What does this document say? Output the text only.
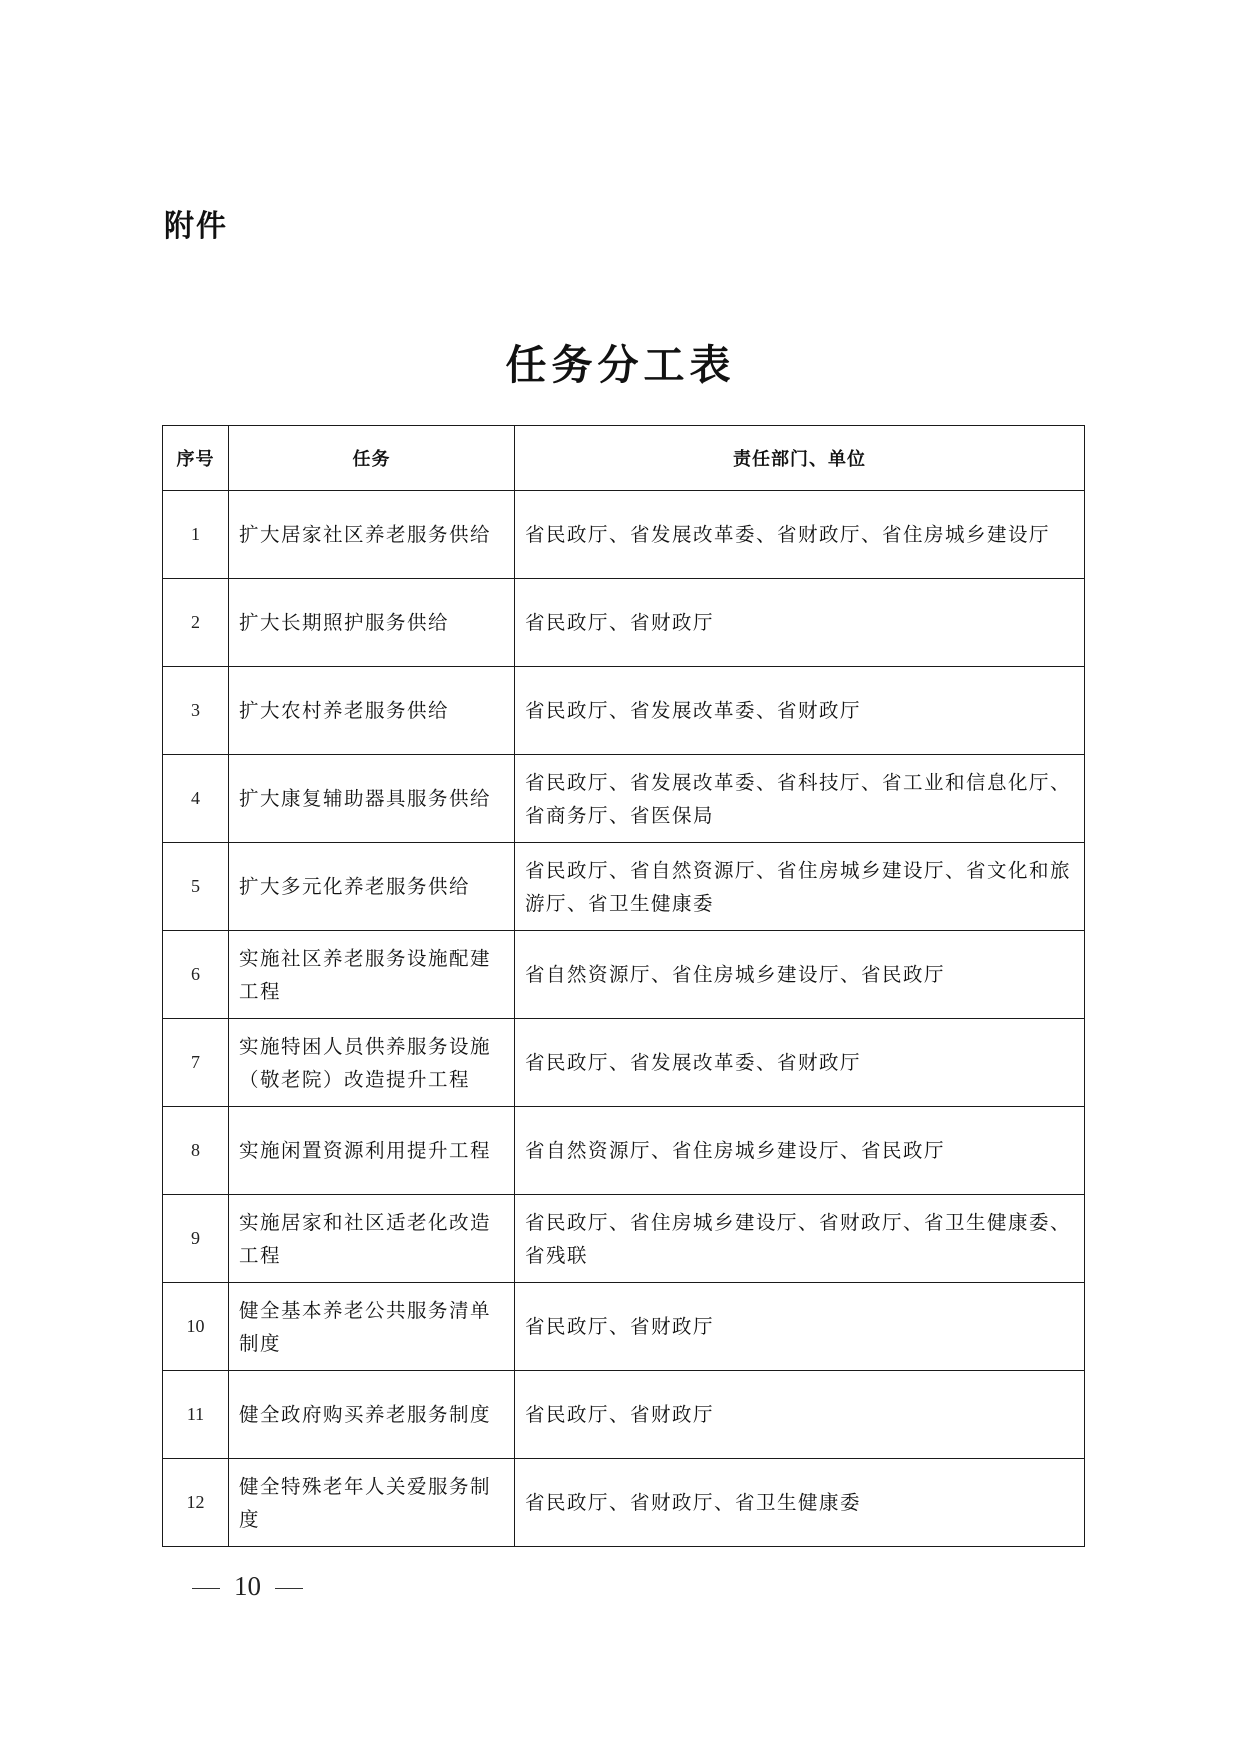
附件
任务分工表
序号	任务	责任部门、单位
1	扩大居家社区养老服务供给	省民政厅、省发展改革委、省财政厅、省住房城乡建设厅
2	扩大长期照护服务供给	省民政厅、省财政厅
3	扩大农村养老服务供给	省民政厅、省发展改革委、省财政厅
4	扩大康复辅助器具服务供给	省民政厅、省发展改革委、省科技厅、省工业和信息化厅、省商务厅、省医保局
5	扩大多元化养老服务供给	省民政厅、省自然资源厅、省住房城乡建设厅、省文化和旅游厅、省卫生健康委
6	实施社区养老服务设施配建工程	省自然资源厅、省住房城乡建设厅、省民政厅
7	实施特困人员供养服务设施（敬老院）改造提升工程	省民政厅、省发展改革委、省财政厅
8	实施闲置资源利用提升工程	省自然资源厅、省住房城乡建设厅、省民政厅
9	实施居家和社区适老化改造工程	省民政厅、省住房城乡建设厅、省财政厅、省卫生健康委、省残联
10	健全基本养老公共服务清单制度	省民政厅、省财政厅
11	健全政府购买养老服务制度	省民政厅、省财政厅
12	健全特殊老年人关爱服务制度	省民政厅、省财政厅、省卫生健康委
10
